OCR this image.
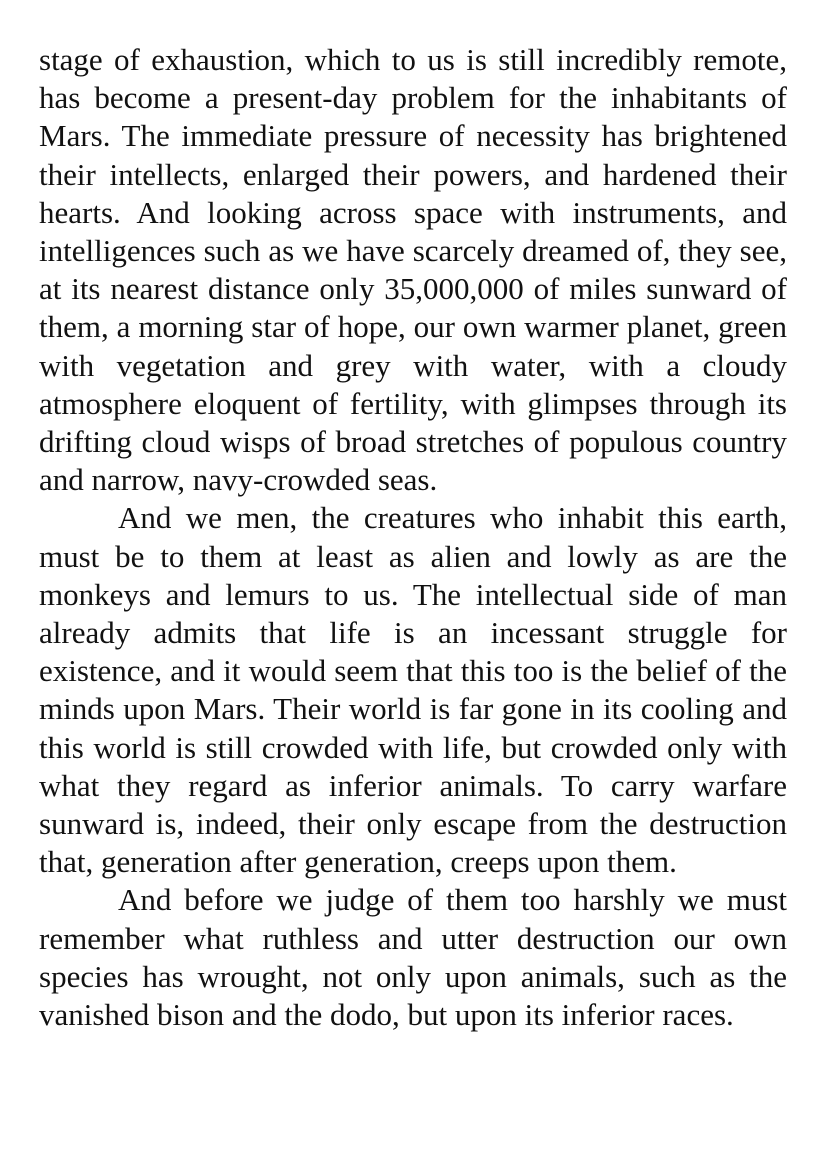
stage of exhaustion, which to us is still incredibly remote, has become a present-day problem for the inhabitants of Mars. The immediate pressure of necessity has brightened their intellects, enlarged their powers, and hardened their hearts. And looking across space with instruments, and intelligences such as we have scarcely dreamed of, they see, at its nearest distance only 35,000,000 of miles sunward of them, a morning star of hope, our own warmer planet, green with vegetation and grey with water, with a cloudy atmosphere eloquent of fertility, with glimpses through its drifting cloud wisps of broad stretches of populous country and narrow, navy-crowded seas.

And we men, the creatures who inhabit this earth, must be to them at least as alien and lowly as are the monkeys and lemurs to us. The intellectual side of man already admits that life is an incessant struggle for existence, and it would seem that this too is the belief of the minds upon Mars. Their world is far gone in its cooling and this world is still crowded with life, but crowded only with what they regard as inferior animals. To carry warfare sunward is, indeed, their only escape from the destruction that, generation after generation, creeps upon them.

And before we judge of them too harshly we must remember what ruthless and utter destruction our own species has wrought, not only upon animals, such as the vanished bison and the dodo, but upon its inferior races.
